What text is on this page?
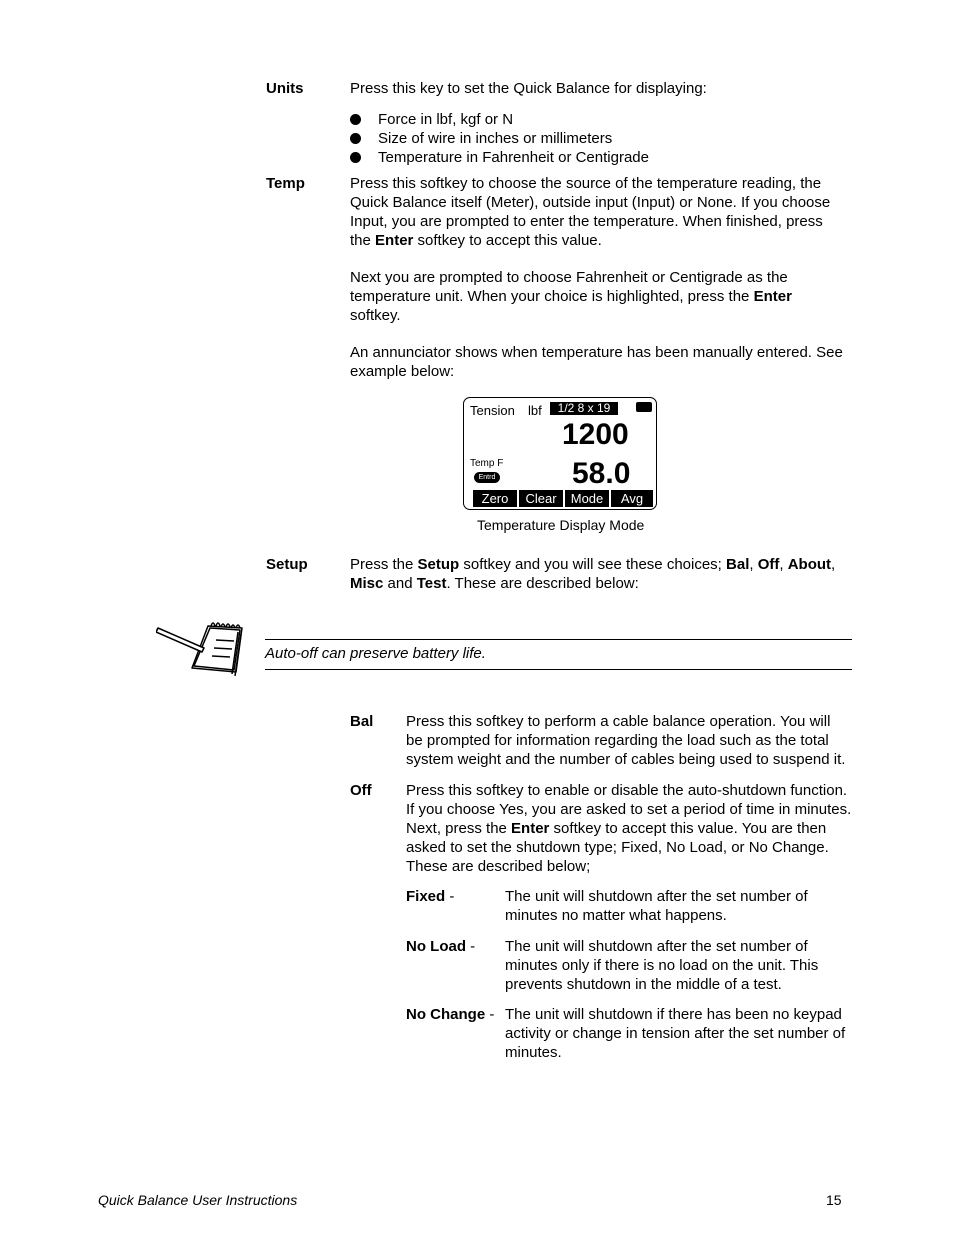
Units	Press this key to set the Quick Balance for displaying:
Force in lbf, kgf or N
Size of wire in inches or millimeters
Temperature in Fahrenheit or Centigrade
Temp	Press this softkey to choose the source of the temperature reading, the
Quick Balance itself (Meter), outside input (Input) or None. If you choose
Input, you are prompted to enter the temperature. When finished, press
the Enter softkey to accept this value.
Next you are prompted to choose Fahrenheit or Centigrade as the
temperature unit. When your choice is highlighted, press the Enter
softkey.
An annunciator shows when temperature has been manually entered. See
example below:
Tension lbf	1/2 8 x 19
1200
Temp F
Entrd	58.0
Zero	Clear	Mode	Avg
Temperature Display Mode
Setup	Press the Setup softkey and you will see these choices; Bal, Off, About,
Misc and Test. These are described below:
Auto-off can preserve battery life.
Bal Press this softkey to perform a cable balance operation. You will
be prompted for information regarding the load such as the total
system weight and the number of cables being used to suspend it.
Off Press this softkey to enable or disable the auto-shutdown function.
If you choose Yes, you are asked to set a period of time in minutes.
Next, press the Enter softkey to accept this value. You are then
asked to set the shutdown type; Fixed, No Load, or No Change.
These are described below;
Fixed -	The unit will shutdown after the set number of
minutes no matter what happens.
No Load - The unit will shutdown after the set number of
minutes only if there is no load on the unit. This
prevents shutdown in the middle of a test.
No Change - The unit will shutdown if there has been no keypad
activity or change in tension after the set number of
minutes.
Quick Balance User Instructions	15
